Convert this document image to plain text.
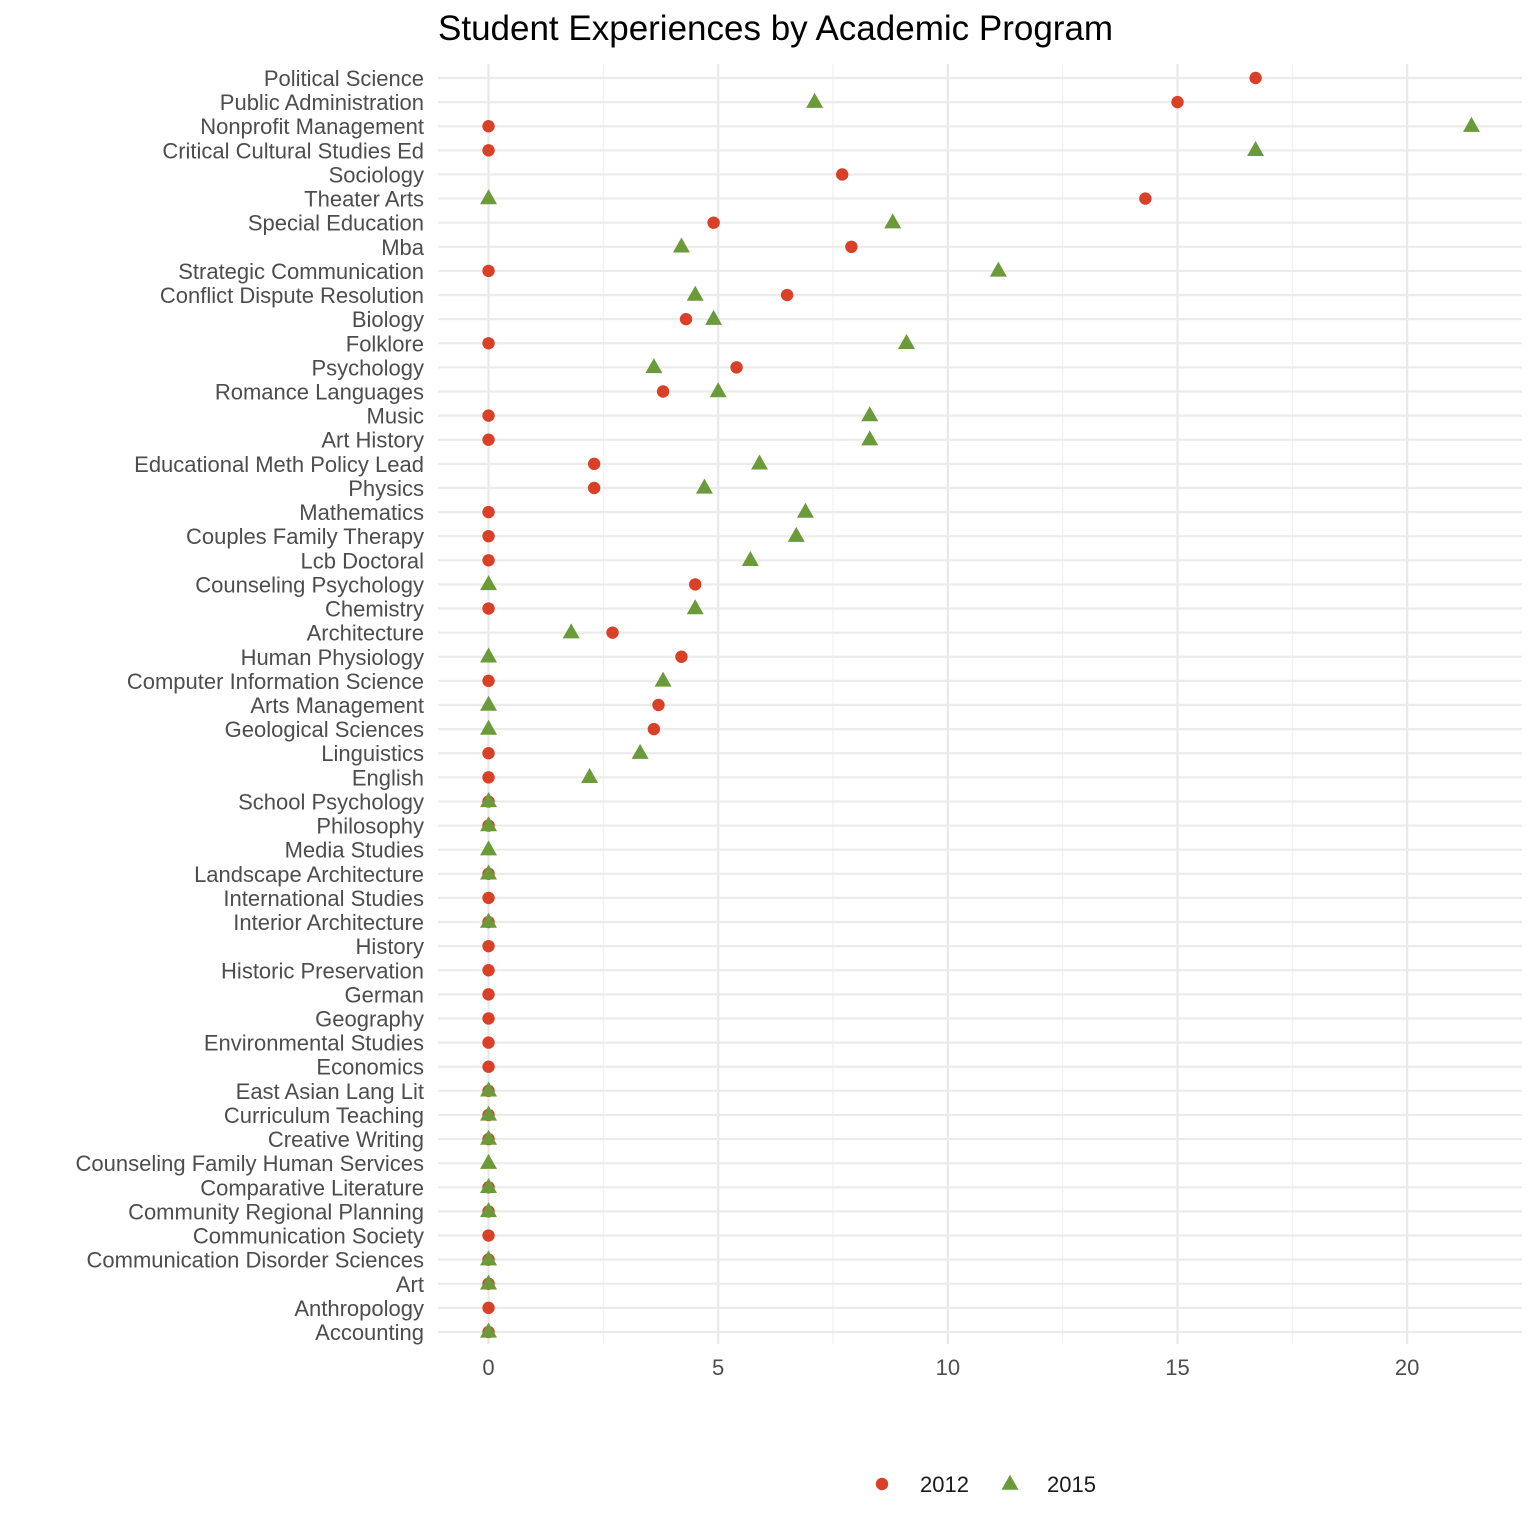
Student Experiences by Academic Program
Political Science
Public Administration
Nonprofit Management
Critical Cultural Studies Ed
Sociology
Theater Arts
Special Education
Mba
Strategic Communication
Conflict Dispute Resolution
Biology
Folklore
Psychology
Romance Languages
Music
Art History
Educational Meth Policy Lead
Physics
Mathematics
Couples Family Therapy
Lcb Doctoral
Counseling Psychology
Chemistry
Architecture
Human Physiology
Computer Information Science
Arts Management
Geological Sciences
Linguistics
English
School Psychology
Philosophy
Media Studies
Landscape Architecture
International Studies
Interior Architecture
History
Historic Preservation
German
Geography
Environmental Studies
Economics
East Asian Lang Lit
Curriculum Teaching
Creative Writing
Counseling Family Human Services
Comparative Literature
Community Regional Planning
Communication Society
Communication Disorder Sciences
Art
Anthropology
Accounting
0	5	10	15	20
2012	2015
